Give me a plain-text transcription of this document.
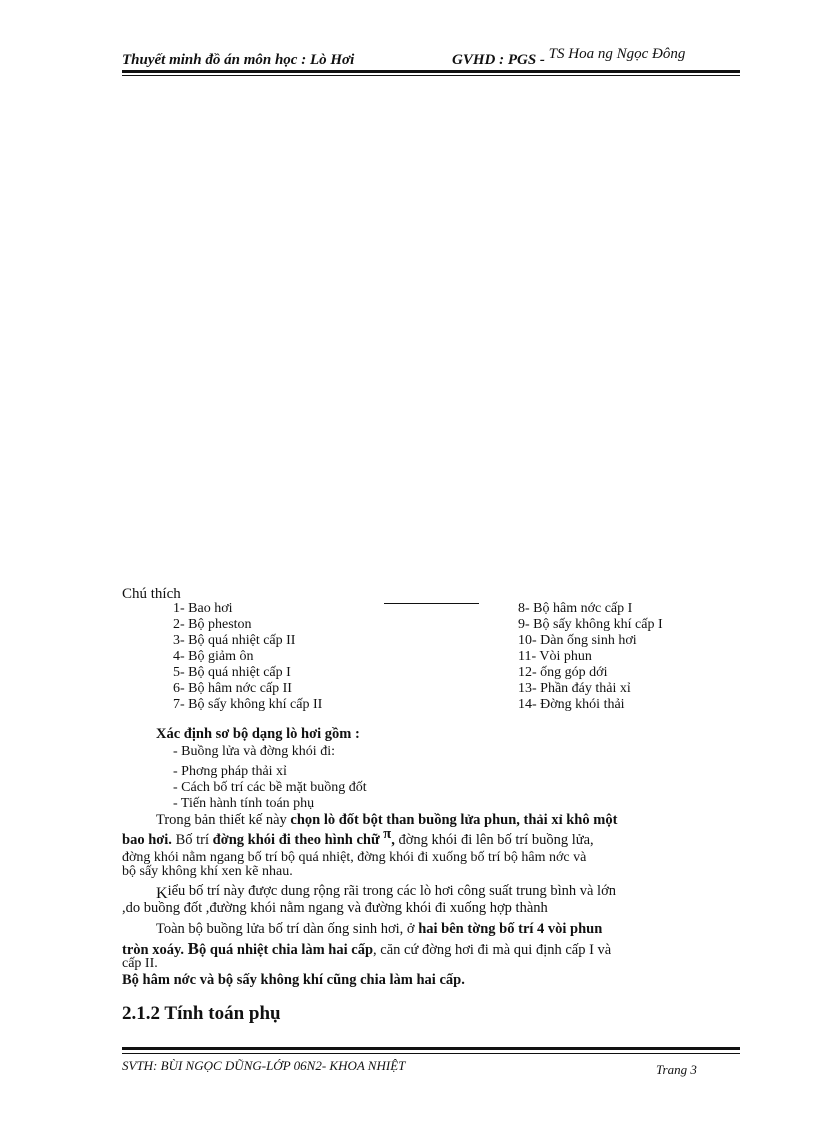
Thuyết minh đồ án môn học : Lò Hơi	GVHD : PGS - TS Hoa ng Ngọc Đông
Chú thích
1- Bao hơi
2- Bộ pheston
3- Bộ quá nhiệt cấp II
4- Bộ giảm ôn
5- Bộ quá nhiệt cấp I
6- Bộ hâm nớc cấp II
7- Bộ sấy không khí cấp II
8- Bộ hâm nớc cấp I
9- Bộ sấy không khí cấp I
10- Dàn ống sinh hơi
11- Vòi phun
12- ống góp dới
13- Phần đáy thải xỉ
14- Đờng khói thải
Xác định sơ bộ dạng lò hơi gồm :
- Buồng lửa và đờng khói đi:
- Phơng pháp thải xỉ
- Cách bố trí các bề mặt buồng đốt
- Tiến hành tính toán phụ
Trong bản thiết kế này chọn lò đốt bột than buồng lửa phun, thải xỉ khô một
bao hơi. Bố trí đờng khói đi theo hình chữ π, đờng khói đi lên bố trí buồng lửa,
đờng khói nằm ngang bố trí bộ quá nhiệt, đờng khói đi xuống bố trí bộ hâm nớc và
bộ sấy không khí xen kẽ nhau.
Kiểu bố trí này được dung rộng rãi trong các lò hơi công suất trung bình và lớn
,do buồng đốt ,đường khói nằm ngang và đường khói đi xuống hợp thành
Toàn bộ buồng lửa bố trí dàn ống sinh hơi, ở hai bên tờng bố trí 4 vòi phun
tròn xoáy. Bộ quá nhiệt chia làm hai cấp, căn cứ đờng hơi đi mà qui định cấp I và
cấp II.
Bộ hâm nớc và bộ sấy không khí cũng chia làm hai cấp.
2.1.2 Tính toán phụ
SVTH: BÙI NGỌC DŨNG-LỚP 06N2- KHOA NHIỆT	Trang 3
